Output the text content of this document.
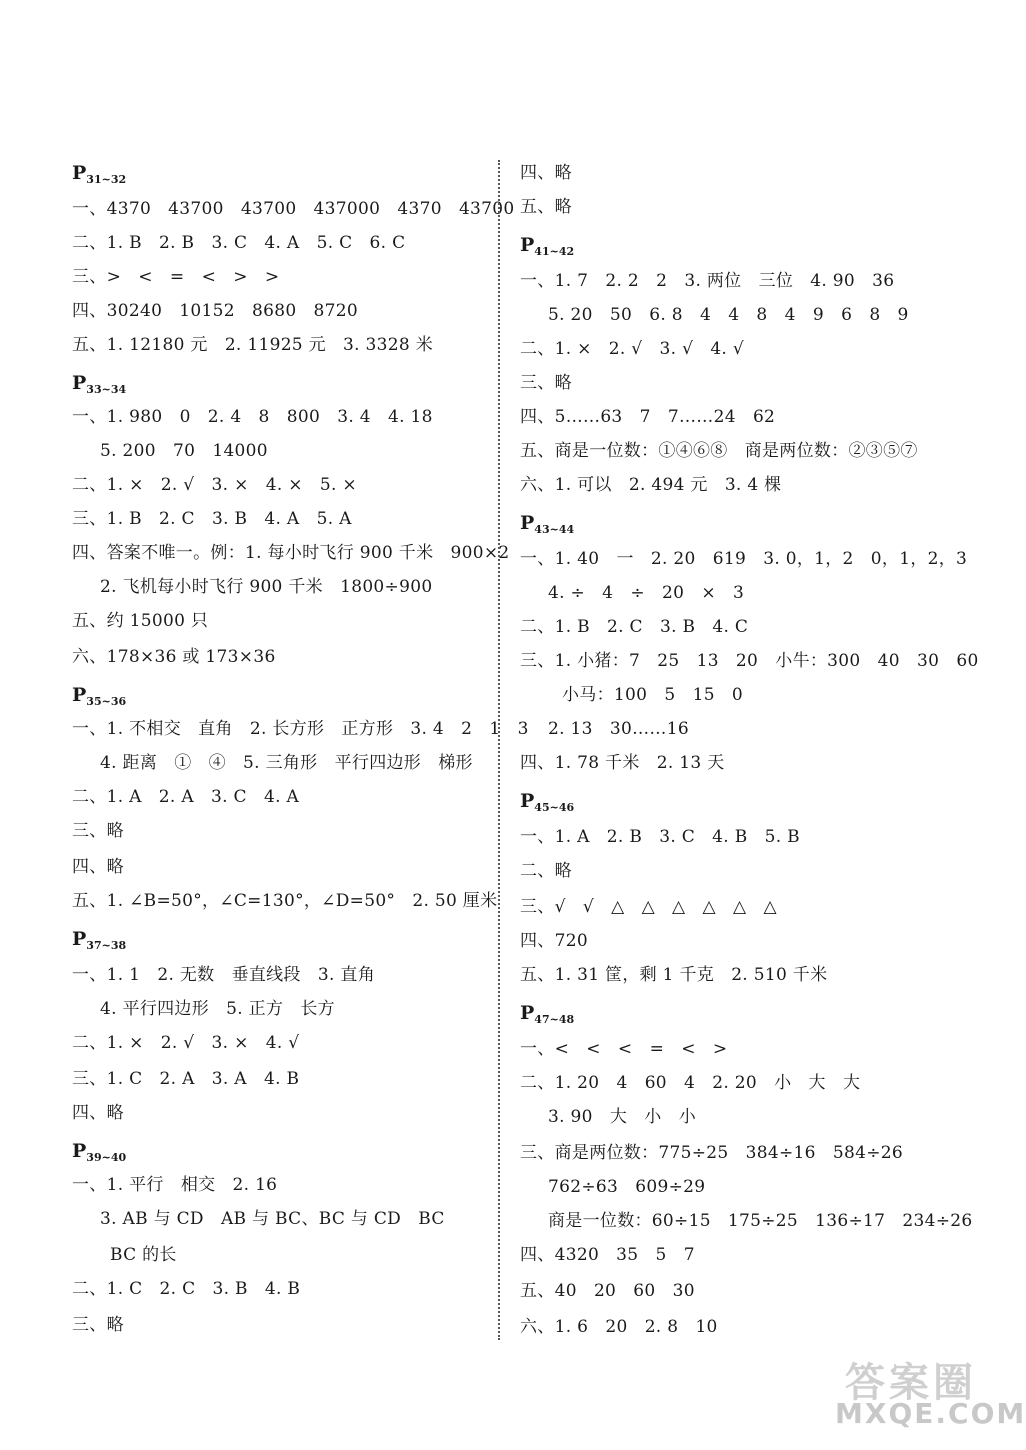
$P_{31\sim 32}$
一、4370   43700   43700   437000   4370   43700
二、1. B   2. B   3. C   4. A   5. C   6. C
三、>   <   =   <   >   >
四、30240   10152   8680   8720
五、1. 12180 元   2. 11925 元   3. 3328 米
$P_{33\sim 34}$
一、1. 980   0   2. 4   8   800   3. 4   4. 18
5. 200   70   14000
二、1. ×   2. √   3. ×   4. ×   5. ×
三、1. B   2. C   3. B   4. A   5. A
四、答案不唯一。例：1. 每小时飞行 900 千米   900×2
2. 飞机每小时飞行 900 千米   1800÷900
五、约 15000 只
六、178×36 或 173×36
$P_{35\sim 36}$
一、1. 不相交   直角   2. 长方形   正方形   3. 4   2   1   3
4. 距离   ①   ④   5. 三角形   平行四边形   梯形
二、1. A   2. A   3. C   4. A
三、略
四、略
五、1. ∠B=50°，∠C=130°，∠D=50°   2. 50 厘米
$P_{37\sim 38}$
一、1. 1   2. 无数   垂直线段   3. 直角
4. 平行四边形   5. 正方   长方
二、1. ×   2. √   3. ×   4. √
三、1. C   2. A   3. A   4. B
四、略
$P_{39\sim 40}$
一、1. 平行   相交   2. 16
3. AB 与 CD   AB 与 BC、BC 与 CD   BC
BC 的长
二、1. C   2. C   3. B   4. B
三、略
四、略
五、略
$P_{41\sim 42}$
一、1. 7   2. 2   2   3. 两位   三位   4. 90   36
5. 20   50   6. 8   4   4   8   4   9   6   8   9
二、1. ×   2. √   3. √   4. √
三、略
四、5……63   7   7……24   62
五、商是一位数：①④⑥⑧   商是两位数：②③⑤⑦
六、1. 可以   2. 494 元   3. 4 棵
$P_{43\sim 44}$
一、1. 40   一   2. 20   619   3. 0，1，2   0，1，2，3
4. ÷   4   ÷   20   ×   3
二、1. B   2. C   3. B   4. C
三、1. 小猪：7   25   13   20   小牛：300   40   30   60
小马：100   5   15   0
2. 13   30……16
四、1. 78 千米   2. 13 天
$P_{45\sim 46}$
一、1. A   2. B   3. C   4. B   5. B
二、略
三、√   √   △   △   △   △   △   △
四、720
五、1. 31 筐，剩 1 千克   2. 510 千米
$P_{47\sim 48}$
一、<   <   <   =   <   >
二、1. 20   4   60   4   2. 20   小   大   大
3. 90   大   小   小
三、商是两位数：775÷25   384÷16   584÷26
762÷63   609÷29
商是一位数：60÷15   175÷25   136÷17   234÷26
四、4320   35   5   7
五、40   20   60   30
六、1. 6   20   2. 8   10
答案圈
MXQE.COM
